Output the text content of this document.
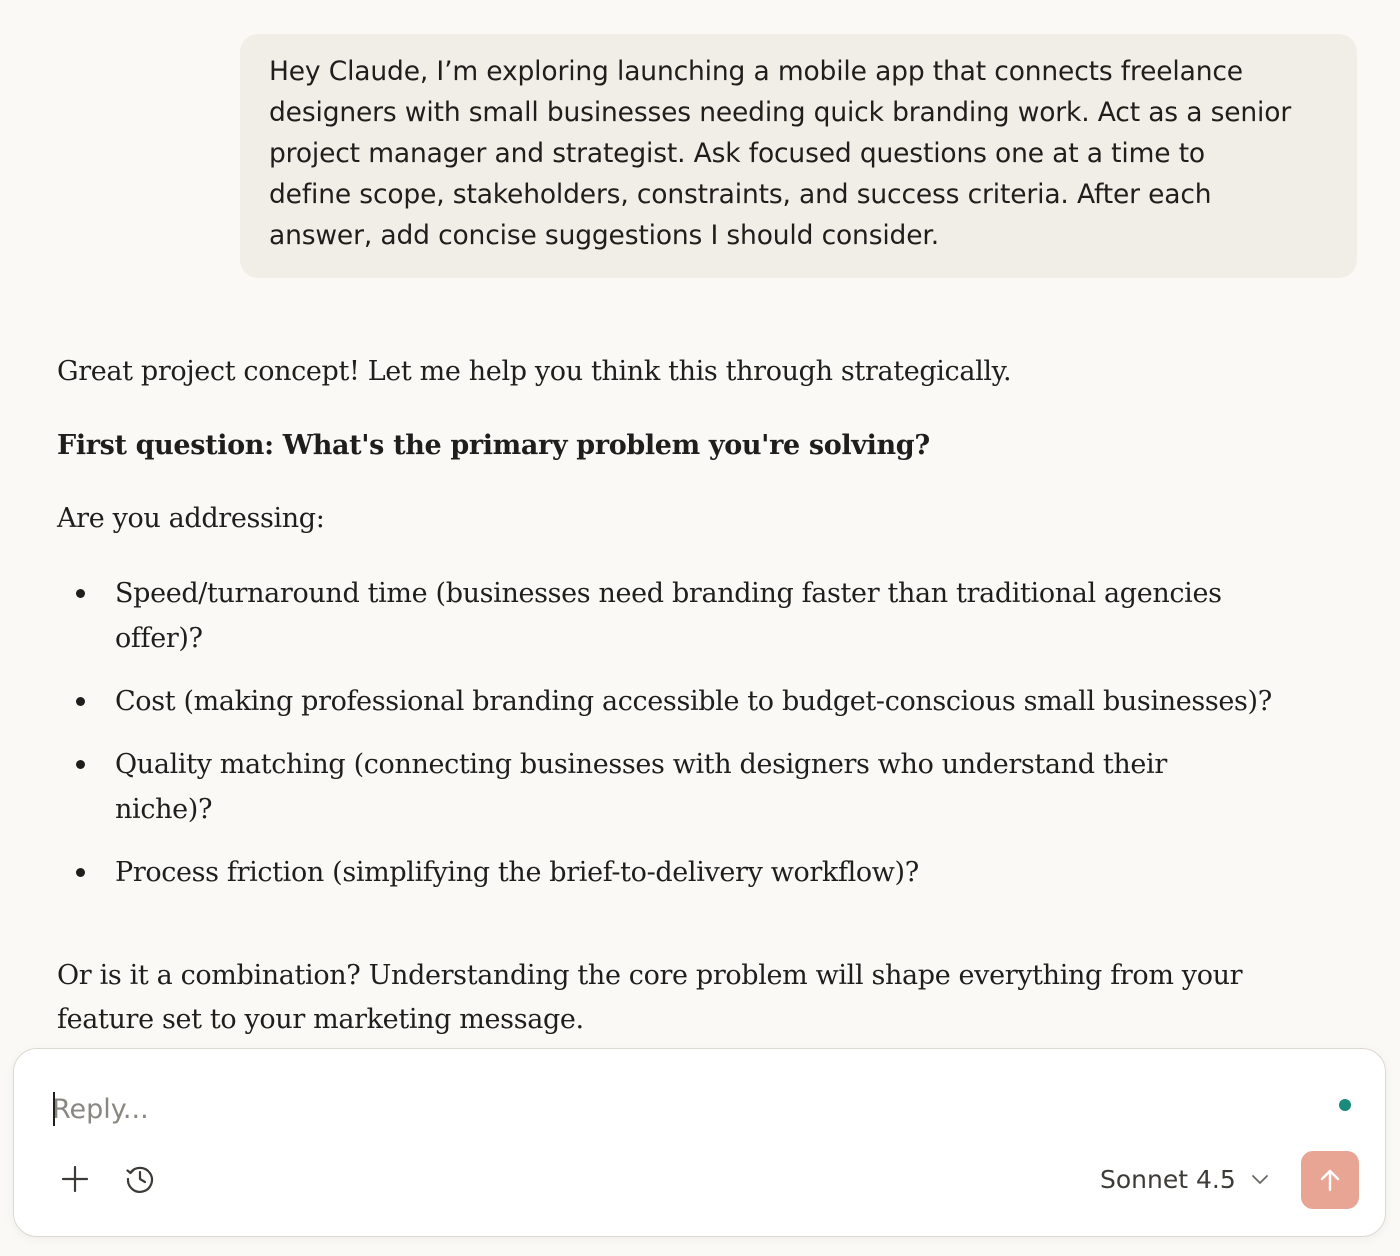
Hey Claude, I’m exploring launching a mobile app that connects freelance
designers with small businesses needing quick branding work. Act as a senior
project manager and strategist. Ask focused questions one at a time to
define scope, stakeholders, constraints, and success criteria. After each
answer, add concise suggestions I should consider.

Great project concept! Let me help you think this through strategically.

First question: What's the primary problem you're solving?

Are you addressing:

Speed/turnaround time (businesses need branding faster than traditional agencies
offer)?
Cost (making professional branding accessible to budget-conscious small businesses)?
Quality matching (connecting businesses with designers who understand their
niche)?
Process friction (simplifying the brief-to-delivery workflow)?

Or is it a combination? Understanding the core problem will shape everything from your feature set to your marketing message.

Reply...
Sonnet 4.5
